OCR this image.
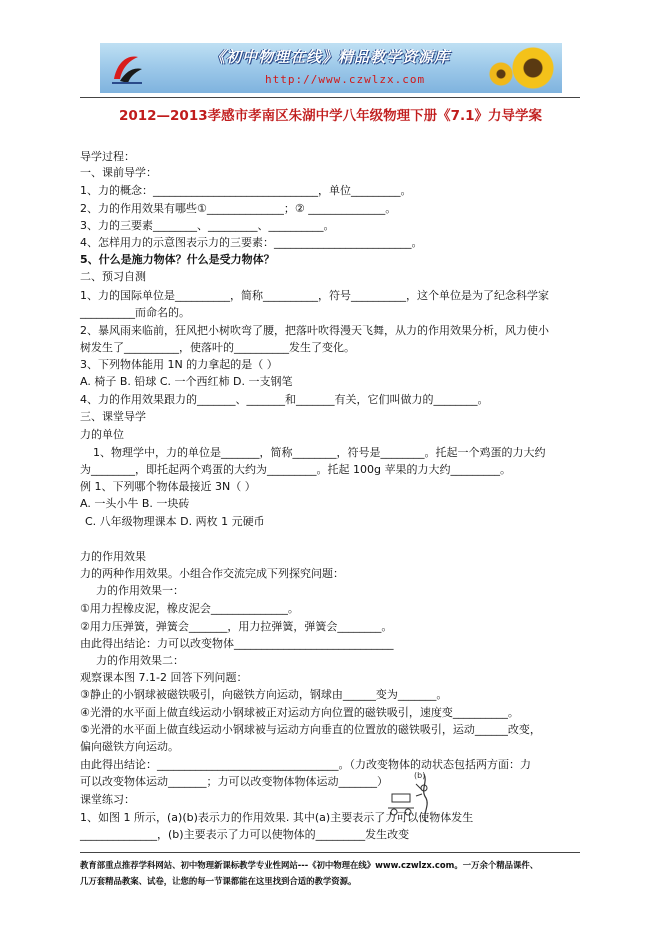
《初中物理在线》精品教学资源库
http://www.czwlzx.com
2012—2013孝感市孝南区朱湖中学八年级物理下册《7.1》力导学案
导学过程：
一、课前导学：
1、力的概念：______________________________，单位_________。
2、力的作用效果有哪些①______________；② ______________。
3、力的三要素________、_________、__________。
4、怎样用力的示意图表示力的三要素：_________________________。
5、什么是施力物体？什么是受力物体？
二、预习自测
1、力的国际单位是__________，简称__________，符号__________，这个单位是为了纪念科学家
__________而命名的。
2、暴风雨来临前，狂风把小树吹弯了腰，把落叶吹得漫天飞舞，从力的作用效果分析，风力使小
树发生了__________，使落叶的__________发生了变化。
3、下列物体能用 1N 的力拿起的是（ ）
A. 椅子 B. 铅球 C. 一个西红柿 D. 一支钢笔
4、力的作用效果跟力的_______、_______和_______有关，它们叫做力的________。
三、课堂导学
力的单位
1、物理学中，力的单位是_______，简称________，符号是________。托起一个鸡蛋的力大约
为________，即托起两个鸡蛋的大约为_________。托起 100g 苹果的力大约_________。
例 1、下列哪个物体最接近 3N（ ）
A. 一头小牛 B. 一块砖
C. 八年级物理课本 D. 两枚 1 元硬币
力的作用效果
力的两种作用效果。小组合作交流完成下列探究问题：
力的作用效果一：
①用力捏橡皮泥，橡皮泥会______________。
②用力压弹簧，弹簧会_______，用力拉弹簧，弹簧会________。
由此得出结论：力可以改变物体_____________________________
力的作用效果二：
观察课本图 7.1-2 回答下列问题：
③静止的小钢球被磁铁吸引，向磁铁方向运动，钢球由______变为_______。
④光滑的水平面上做直线运动小钢球被正对运动方向位置的磁铁吸引，速度变__________。
⑤光滑的水平面上做直线运动小钢球被与运动方向垂直的位置放的磁铁吸引，运动______改变，
偏向磁铁方向运动。
由此得出结论：_________________________________。（力改变物体的动状态包括两方面：力
可以改变物体运动_______；力可以改变物体物体运动_______）
课堂练习：
1、如图 1 所示，(a)(b)表示力的作用效果. 其中(a)主要表示了力可以使物体发生
______________，(b)主要表示了力可以使物体的_________发生改变
(b)
教育部重点推荐学科网站、初中物理新课标教学专业性网站---《初中物理在线》www.czwlzx.com。一万余个精品课件、
几万套精品教案、试卷，让您的每一节课都能在这里找到合适的教学资源。
